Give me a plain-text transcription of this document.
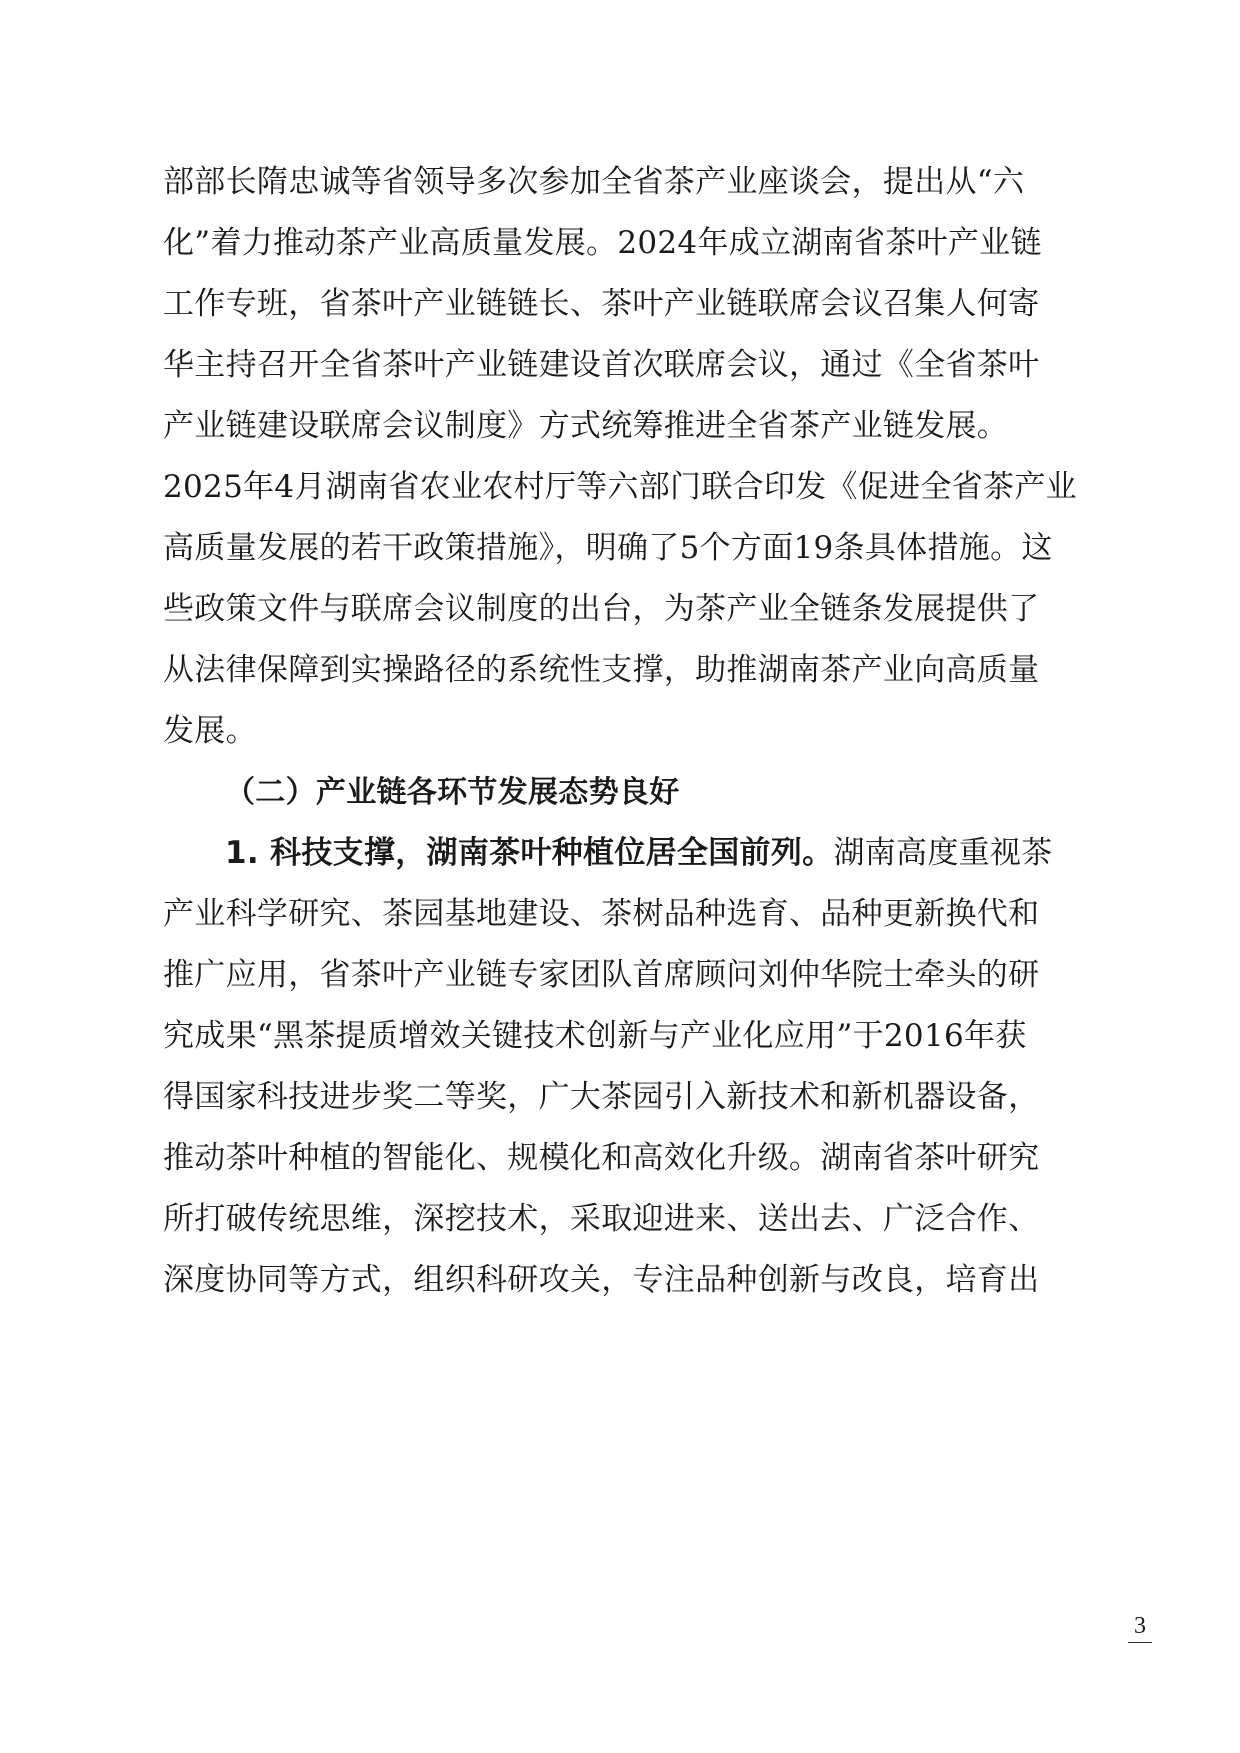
部部长隋忠诚等省领导多次参加全省茶产业座谈会，提出从“六
化”着力推动茶产业高质量发展。2024年成立湖南省茶叶产业链
工作专班，省茶叶产业链链长、茶叶产业链联席会议召集人何寄
华主持召开全省茶叶产业链建设首次联席会议，通过《全省茶叶
产业链建设联席会议制度》方式统筹推进全省茶产业链发展。
2025年4月湖南省农业农村厅等六部门联合印发《促进全省茶产业
高质量发展的若干政策措施》，明确了5个方面19条具体措施。这
些政策文件与联席会议制度的出台，为茶产业全链条发展提供了
从法律保障到实操路径的系统性支撑，助推湖南茶产业向高质量
发展。
（二）产业链各环节发展态势良好
1. 科技支撑，湖南茶叶种植位居全国前列。湖南高度重视茶
产业科学研究、茶园基地建设、茶树品种选育、品种更新换代和
推广应用，省茶叶产业链专家团队首席顾问刘仲华院士牵头的研
究成果“黑茶提质增效关键技术创新与产业化应用”于2016年获
得国家科技进步奖二等奖，广大茶园引入新技术和新机器设备，
推动茶叶种植的智能化、规模化和高效化升级。湖南省茶叶研究
所打破传统思维，深挖技术，采取迎进来、送出去、广泛合作、
深度协同等方式，组织科研攻关，专注品种创新与改良，培育出
3
